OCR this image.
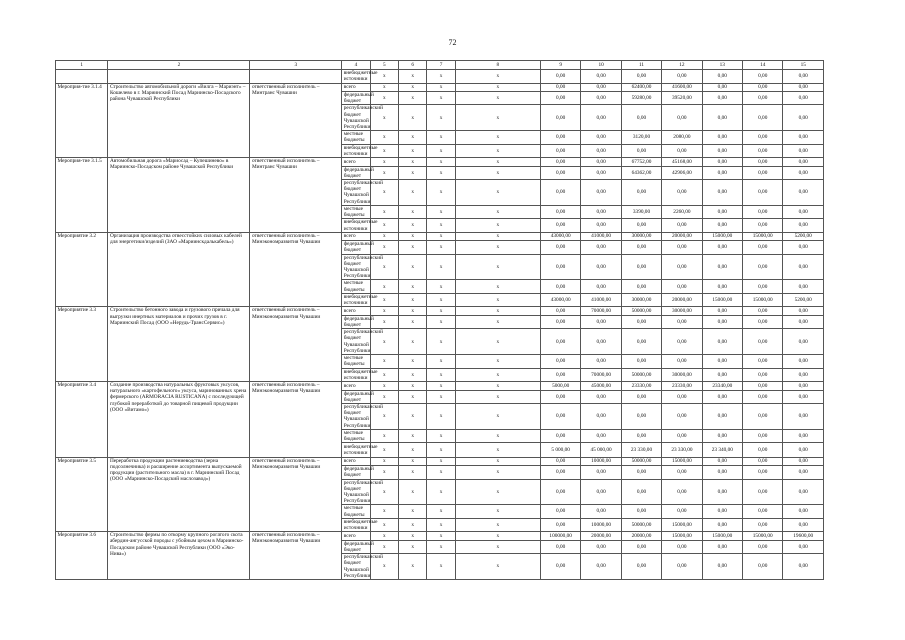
72
1	2	3	4	5	6	7	8	9	10	11	12	13	14	15
			внебюджетные источники	x	x	x	x	0,00	0,00	0,00	0,00	0,00	0,00	0,00
Мероприя-тие 3.1.4	Строительство автомобильной дороги «Вилга – Мариэнт» – Кошелево в г. Мариинский Посад Мариинско-Посадского района Чувашской Республики	ответственный исполнитель – Минтранс Чувашии	всего	x	x	x	x	0,00	0,00	62400,00	41600,00	0,00	0,00	0,00
			федеральный бюджет	x	x	x	x	0,00	0,00	59280,00	39520,00	0,00	0,00	0,00
			республиканский бюджет Чувашской Республики	x	x	x	x	0,00	0,00	0,00	0,00	0,00	0,00	0,00
			местные бюджеты	x	x	x	x	0,00	0,00	3120,00	2080,00	0,00	0,00	0,00
			внебюджетные источники	x	x	x	x	0,00	0,00	0,00	0,00	0,00	0,00	0,00
Мероприя-тие 3.1.5	Автомобильная дорога «Мариосад – Купешинево» в Мариинско-Посадском районе Чувашской Республики	ответственный исполнитель – Минтранс Чувашии	всего	x	x	x	x	0,00	0,00	67752,00	45168,00	0,00	0,00	0,00
			федеральный бюджет	x	x	x	x	0,00	0,00	64362,00	42906,00	0,00	0,00	0,00
			республиканский бюджет Чувашской Республики	x	x	x	x	0,00	0,00	0,00	0,00	0,00	0,00	0,00
			местные бюджеты	x	x	x	x	0,00	0,00	3390,00	2260,00	0,00	0,00	0,00
			внебюджетные источники	x	x	x	x	0,00	0,00	0,00	0,00	0,00	0,00	0,00
Мероприятие 3.2	Организация производства отвесстойких силовых кабелей для энергетики/изделий (ЗАО «Мариинскдалькабель»)	ответственный исполнитель – Минэкономразвития Чувашии	всего	x	x	x	x	43000,00	41000,00	30000,00	20000,00	15000,00	15000,00	5200,00
			федеральный бюджет	x	x	x	x	0,00	0,00	0,00	0,00	0,00	0,00	0,00
			республиканский бюджет Чувашской Республики	x	x	x	x	0,00	0,00	0,00	0,00	0,00	0,00	0,00
			местные бюджеты	x	x	x	x	0,00	0,00	0,00	0,00	0,00	0,00	0,00
			внебюджетные источники	x	x	x	x	43000,00	41000,00	30000,00	20000,00	15000,00	15000,00	5200,00
Мероприятие 3.3	Строительство бетонного завода и грузового причала для выгрузки инертных материалов и прочих грузов в г. Мариинский Посад (ООО «Нерудь-ТрансСервис»)	ответственный исполнитель – Минэкономразвития Чувашии	всего	x	x	x	x	0,00	70000,00	50000,00	30000,00	0,00	0,00	0,00
			федеральный бюджет	x	x	x	x	0,00	0,00	0,00	0,00	0,00	0,00	0,00
			республиканский бюджет Чувашской Республики	x	x	x	x	0,00	0,00	0,00	0,00	0,00	0,00	0,00
			местные бюджеты	x	x	x	x	0,00	0,00	0,00	0,00	0,00	0,00	0,00
			внебюджетные источники	x	x	x	x	0,00	70000,00	50000,00	30000,00	0,00	0,00	0,00
Мероприятие 3.4	Создание производства натуральных фруктовых уксусов, натурального «картофельного» уксуса, маринованных хрена фермерского (ARMORACIA RUSTICANA) с последующей глубокой переработкой до товарной пищевой продукции (ООО «Витамо»)	ответственный исполнитель – Минэкономразвития Чувашии	всего	x	x	x	x	5000,00	45000,00	23330,00	23330,00	23340,00	0,00	0,00
			федеральный бюджет	x	x	x	x	0,00	0,00	0,00	0,00	0,00	0,00	0,00
			республиканский бюджет Чувашской Республики	x	x	x	x	0,00	0,00	0,00	0,00	0,00	0,00	0,00
			местные бюджеты	x	x	x	x	0,00	0,00	0,00	0,00	0,00	0,00	0,00
			внебюджетные источники	x	x	x	x	5 000,00	45 000,00	23 330,00	23 330,00	23 340,00	0,00	0,00
Мероприятие 3.5	Переработка продукции растениеводства (зерна подсолнечника) и расширение ассортимента выпускаемой продукции (растительного масла) в г. Мариинский Посад (ООО «Мариинско-Посадский маслозавод»)	ответственный исполнитель – Минэкономразвития Чувашии	всего	x	x	x	x	0,00	10000,00	50000,00	15000,00	0,00	0,00	0,00
			федеральный бюджет	x	x	x	x	0,00	0,00	0,00	0,00	0,00	0,00	0,00
			республиканский бюджет Чувашской Республики	x	x	x	x	0,00	0,00	0,00	0,00	0,00	0,00	0,00
			местные бюджеты	x	x	x	x	0,00	0,00	0,00	0,00	0,00	0,00	0,00
			внебюджетные источники	x	x	x	x	0,00	10000,00	50000,00	15000,00	0,00	0,00	0,00
Мероприятие 3.6	Строительство фермы по откорму крупного рогатого скота абердин-ангусской породы с убойным цехом в Мариинско-Посадском районе Чувашской Республики (ООО «Эко-Нива»)	ответственный исполнитель – Минэкономразвития Чувашии	всего	x	x	x	x	100000,00	20000,00	20000,00	15000,00	15000,00	15000,00	19600,00
			федеральный бюджет	x	x	x	x	0,00	0,00	0,00	0,00	0,00	0,00	0,00
			республиканский бюджет Чувашской Республики	x	x	x	x	0,00	0,00	0,00	0,00	0,00	0,00	0,00
